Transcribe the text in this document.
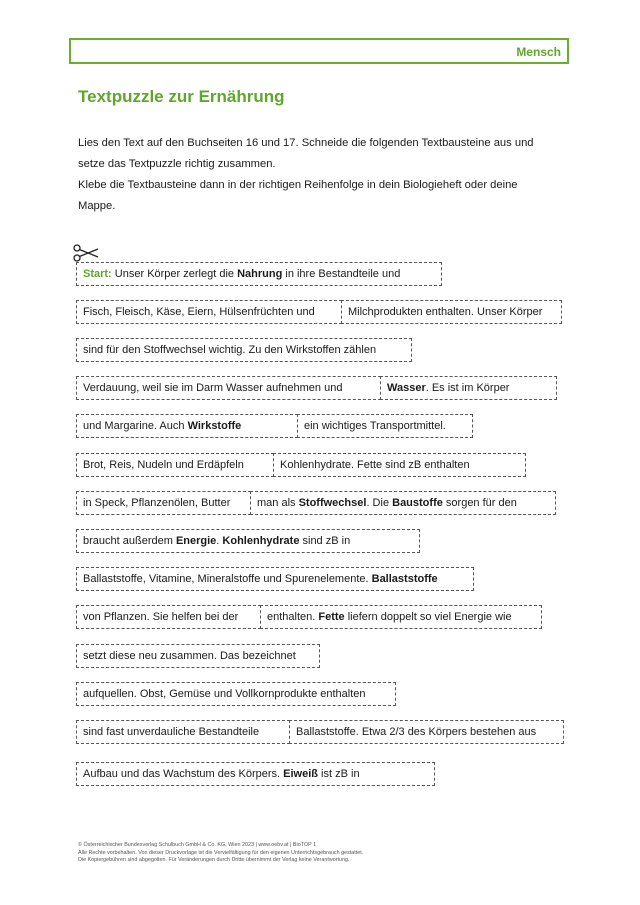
Mensch
Textpuzzle zur Ernährung

Lies den Text auf den Buchseiten 16 und 17. Schneide die folgenden Textbausteine aus und

setze das Textpuzzle richtig zusammen.

Klebe die Textbausteine dann in der richtigen Reihenfolge in dein Biologieheft oder deine

Mappe.

Start: Unser Körper zerlegt die Nahrung in ihre Bestandteile und
Fisch, Fleisch, Käse, Eiern, Hülsenfrüchten und	Milchprodukten enthalten. Unser Körper
sind für den Stoffwechsel wichtig. Zu den Wirkstoffen zählen
Verdauung, weil sie im Darm Wasser aufnehmen und	Wasser. Es ist im Körper
und Margarine. Auch Wirkstoffe	ein wichtiges Transportmittel.
Brot, Reis, Nudeln und Erdäpfeln	Kohlenhydrate. Fette sind zB enthalten
in Speck, Pflanzenölen, Butter	man als Stoffwechsel. Die Baustoffe sorgen für den
braucht außerdem Energie. Kohlenhydrate sind zB in
Ballaststoffe, Vitamine, Mineralstoffe und Spurenelemente. Ballaststoffe
von Pflanzen. Sie helfen bei der	enthalten. Fette liefern doppelt so viel Energie wie
setzt diese neu zusammen. Das bezeichnet
aufquellen. Obst, Gemüse und Vollkornprodukte enthalten
sind fast unverdauliche Bestandteile	Ballaststoffe. Etwa 2/3 des Körpers bestehen aus
Aufbau und das Wachstum des Körpers. Eiweiß ist zB in

© Österreichischer Bundesverlag Schulbuch GmbH & Co. KG, Wien 2023 | www.oebv.at | BioTOP 1

Alle Rechte vorbehalten. Von dieser Druckvorlage ist die Vervielfältigung für den eigenen Unterrichtsgebrauch gestattet.

Die Kopiergebühren sind abgegolten. Für Veränderungen durch Dritte übernimmt der Verlag keine Verantwortung.
